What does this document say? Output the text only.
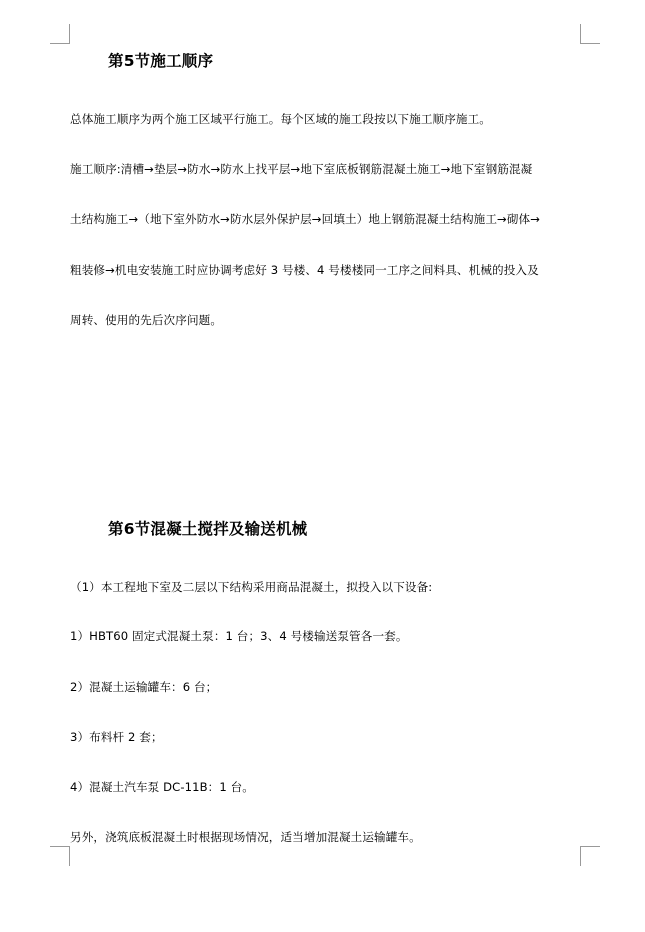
第5节施工顺序
总体施工顺序为两个施工区域平行施工。每个区域的施工段按以下施工顺序施工。
施工顺序:清槽→垫层→防水→防水上找平层→地下室底板钢筋混凝土施工→地下室钢筋混凝
土结构施工→（地下室外防水→防水层外保护层→回填土）地上钢筋混凝土结构施工→砌体→
粗装修→机电安装施工时应协调考虑好 3 号楼、4 号楼楼同一工序之间料具、机械的投入及
周转、使用的先后次序问题。
第6节混凝土搅拌及输送机械
（1）本工程地下室及二层以下结构采用商品混凝土，拟投入以下设备:
1）HBT60 固定式混凝土泵：1 台；3、4 号楼输送泵管各一套。
2）混凝土运输罐车：6 台；
3）布料杆 2 套；
4）混凝土汽车泵 DC-11B：1 台。
另外，浇筑底板混凝土时根据现场情况，适当增加混凝土运输罐车。
